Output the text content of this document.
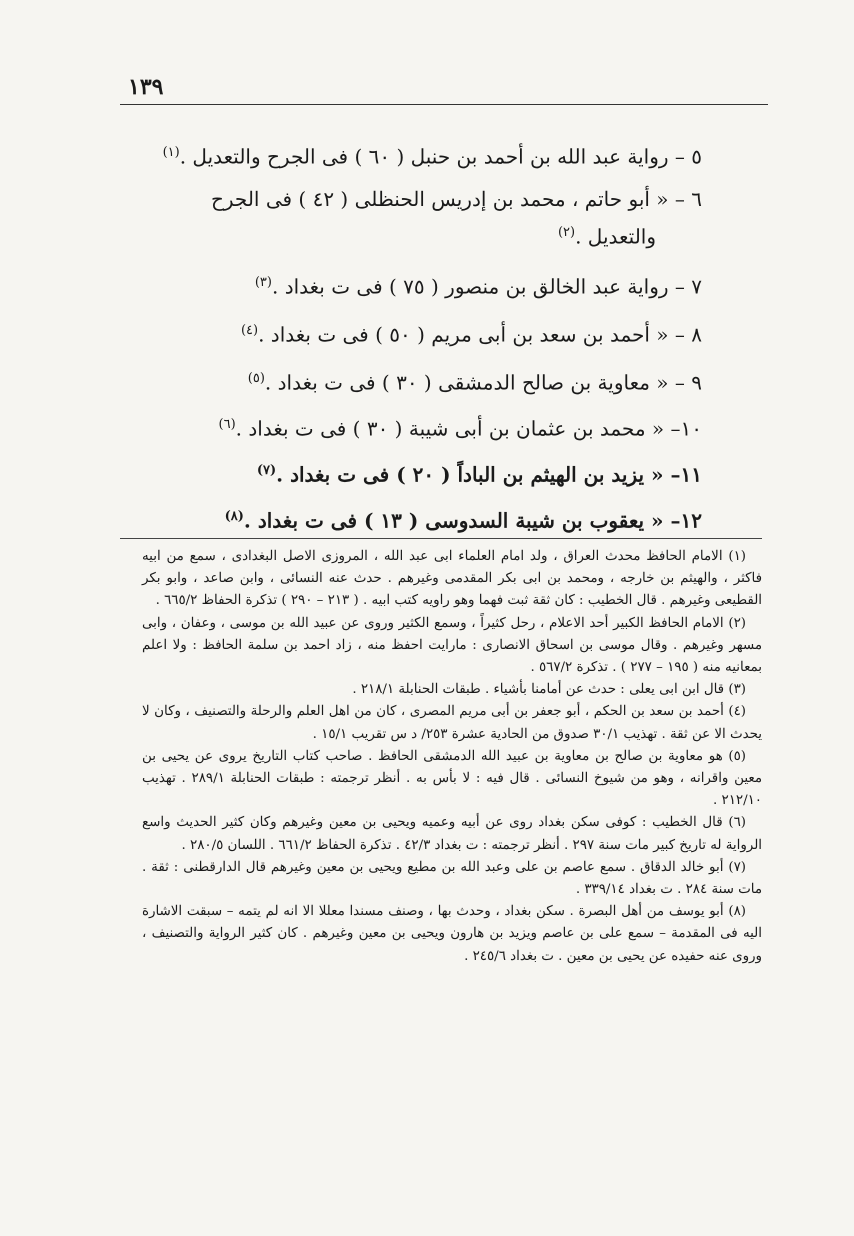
١٣٩
٥ – رواية عبد الله بن أحمد بن حنبل ( ٦٠ ) فى الجرح والتعديل .$^{(١)}$
٦ – « أبو حاتم ، محمد بن إدريس الحنظلى ( ٤٢ ) فى الجرح
والتعديل .$^{(٢)}$
٧ – رواية عبد الخالق بن منصور ( ٧٥ ) فى ت بغداد .$^{(٣)}$
٨ – « أحمد بن سعد بن أبى مريم ( ٥٠ ) فى ت بغداد .$^{(٤)}$
٩ – « معاوية بن صالح الدمشقى ( ٣٠ ) فى ت بغداد .$^{(٥)}$
١٠– « محمد بن عثمان بن أبى شيبة ( ٣٠ ) فى ت بغداد .$^{(٦)}$
١١– « يزيد بن الهيثم بن الباداً ( ٢٠ ) فى ت بغداد .$^{(٧)}$
١٢– « يعقوب بن شيبة السدوسى ( ١٣ ) فى ت بغداد .$^{(٨)}$

(١) الامام الحافظ محدث العراق ، ولد امام العلماء ابى عبد الله ، المروزى الاصل البغدادى ، سمع من ابيه فاكثر ، والهيثم بن خارجه ، ومحمد بن ابى بكر المقدمى وغيرهم . حدث عنه النسائى ، وابن صاعد ، وابو بكر القطيعى وغيرهم . قال الخطيب : كان ثقة ثبت فهما وهو راويه كتب ابيه . ( ٢١٣ – ٢٩٠ ) تذكرة الحفاظ ٦٦٥/٢ .

(٢) الامام الحافظ الكبير أحد الاعلام ، رحل كثيراً ، وسمع الكثير وروى عن عبيد الله بن موسى ، وعفان ، وابى مسهر وغيرهم . وقال موسى بن اسحاق الانصارى : مارايت احفظ منه ، زاد احمد بن سلمة الحافظ : ولا اعلم بمعانيه منه ( ١٩٥ – ٢٧٧ ) . تذكرة ٥٦٧/٢ .

(٣) قال ابن ابى يعلى : حدث عن أمامنا بأشياء . طبقات الحنابلة ٢١٨/١ .

(٤) أحمد بن سعد بن الحكم ، أبو جعفر بن أبى مريم المصرى ، كان من اهل العلم والرحلة والتصنيف ، وكان لا يحدث الا عن ثقة . تهذيب ٣٠/١ صدوق من الحادية عشرة ٢٥٣/ د س تقريب ١٥/١ .

(٥) هو معاوية بن صالح بن معاوية بن عبيد الله الدمشقى الحافظ . صاحب كتاب التاريخ يروى عن يحيى بن معين واقرانه ، وهو من شيوخ النسائى . قال فيه : لا بأس به . أنظر ترجمته : طبقات الحنابلة ٢٨٩/١ . تهذيب ٢١٢/١٠ .

(٦) قال الخطيب : كوفى سكن بغداد روى عن أبيه وعميه ويحيى بن معين وغيرهم وكان كثير الحديث واسع الرواية له تاريخ كبير مات سنة ٢٩٧ . أنظر ترجمته : ت بغداد ٤٢/٣ . تذكرة الحفاظ ٦٦١/٢ . اللسان ٢٨٠/٥ .

(٧) أبو خالد الدقاق . سمع عاصم بن على وعبد الله بن مطيع ويحيى بن معين وغيرهم قال الدارقطنى : ثقة . مات سنة ٢٨٤ . ت بغداد ٣٣٩/١٤ .

(٨) أبو يوسف من أهل البصرة . سكن بغداد ، وحدث بها ، وصنف مسندا معللا الا انه لم يتمه – سبقت الاشارة اليه فى المقدمة – سمع على بن عاصم ويزيد بن هارون ويحيى بن معين وغيرهم . كان كثير الرواية والتصنيف ، وروى عنه حفيده عن يحيى بن معين . ت بغداد ٢٤٥/٦ .
